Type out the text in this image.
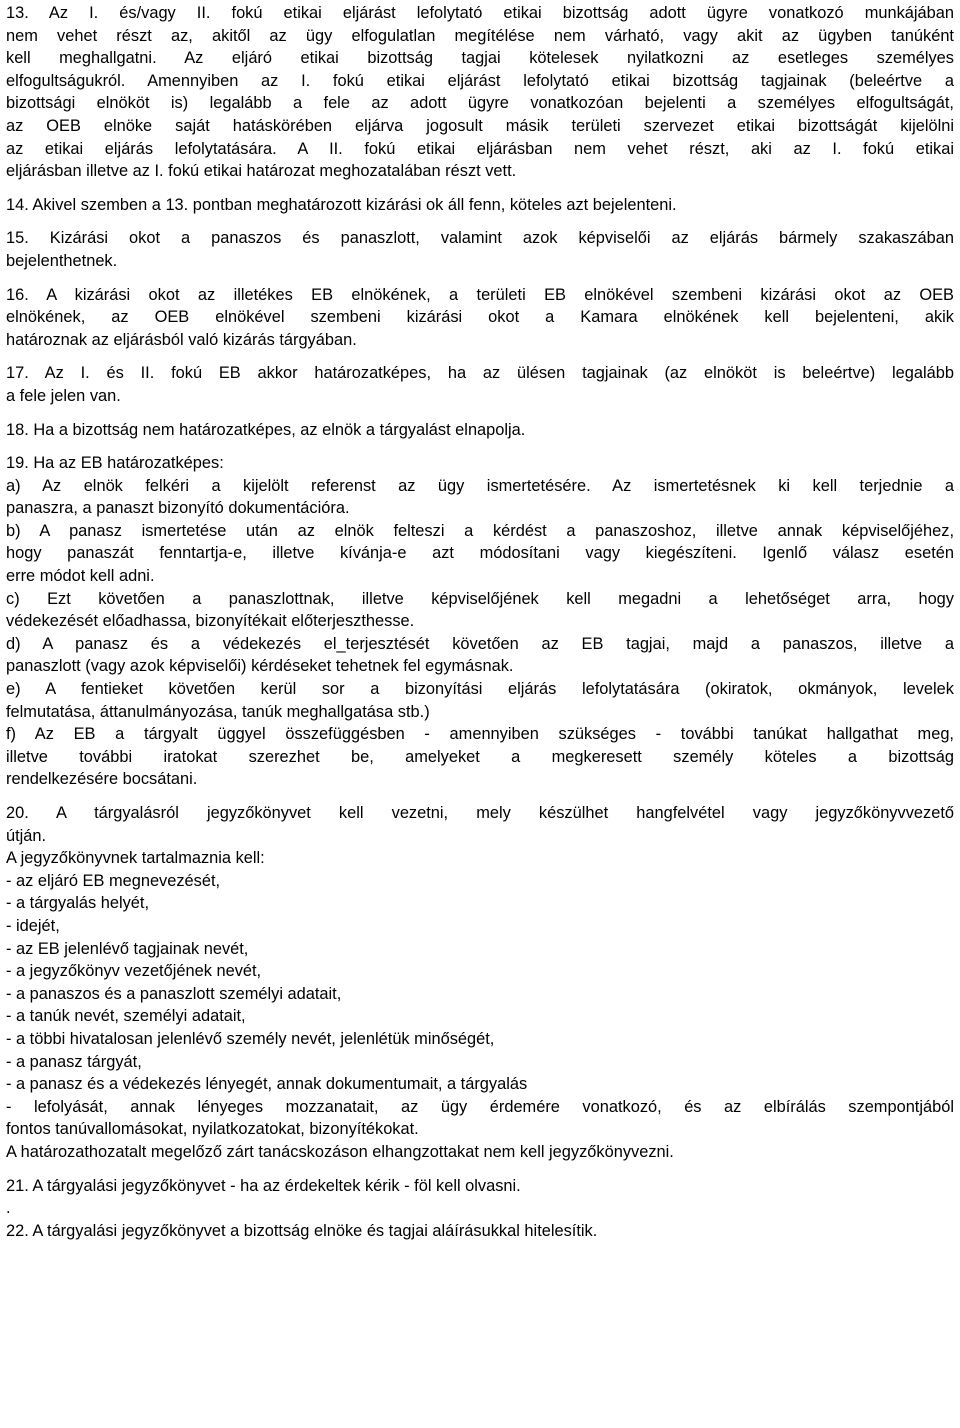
13. Az I. és/vagy II. fokú etikai eljárást lefolytató etikai bizottság adott ügyre vonatkozó munkájában
nem vehet részt az, akitől az ügy elfogulatlan megítélése nem várható, vagy akit az ügyben tanúként
kell meghallgatni. Az eljáró etikai bizottság tagjai kötelesek nyilatkozni az esetleges személyes
elfogultságukról. Amennyiben az I. fokú etikai eljárást lefolytató etikai bizottság tagjainak (beleértve a
bizottsági elnököt is) legalább a fele az adott ügyre vonatkozóan bejelenti a személyes elfogultságát,
az OEB elnöke saját hatáskörében eljárva jogosult másik területi szervezet etikai bizottságát kijelölni
az etikai eljárás lefolytatására. A II. fokú etikai eljárásban nem vehet részt, aki az I. fokú etikai
eljárásban illetve az I. fokú etikai határozat meghozatalában részt vett.
14. Akivel szemben a 13. pontban meghatározott kizárási ok áll fenn, köteles azt bejelenteni.
15. Kizárási okot a panaszos és panaszlott, valamint azok képviselői az eljárás bármely szakaszában
bejelenthetnek.
16. A kizárási okot az illetékes EB elnökének, a területi EB elnökével szembeni kizárási okot az OEB
elnökének, az OEB elnökével szembeni kizárási okot a Kamara elnökének kell bejelenteni, akik
határoznak az eljárásból való kizárás tárgyában.
17. Az I. és II. fokú EB akkor határozatképes, ha az ülésen tagjainak (az elnököt is beleértve) legalább
a fele jelen van.
18. Ha a bizottság nem határozatképes, az elnök a tárgyalást elnapolja.
19. Ha az EB határozatképes:
a) Az elnök felkéri a kijelölt referenst az ügy ismertetésére. Az ismertetésnek ki kell terjednie a
panaszra, a panaszt bizonyító dokumentációra.
b) A panasz ismertetése után az elnök felteszi a kérdést a panaszoshoz, illetve annak képviselőjéhez,
hogy panaszát fenntartja-e, illetve kívánja-e azt módosítani vagy kiegészíteni. Igenlő válasz esetén
erre módot kell adni.
c) Ezt követően a panaszlottnak, illetve képviselőjének kell megadni a lehetőséget arra, hogy
védekezését előadhassa, bizonyítékait előterjeszthesse.
d) A panasz és a védekezés el_terjesztését követően az EB tagjai, majd a panaszos, illetve a
panaszlott (vagy azok képviselői) kérdéseket tehetnek fel egymásnak.
e) A fentieket követően kerül sor a bizonyítási eljárás lefolytatására (okiratok, okmányok, levelek
felmutatása, áttanulmányozása, tanúk meghallgatása stb.)
f) Az EB a tárgyalt üggyel összefüggésben - amennyiben szükséges - további tanúkat hallgathat meg,
illetve további iratokat szerezhet be, amelyeket a megkeresett személy köteles a bizottság
rendelkezésére bocsátani.
20. A tárgyalásról jegyzőkönyvet kell vezetni, mely készülhet hangfelvétel vagy jegyzőkönyvvezető
útján.
A jegyzőkönyvnek tartalmaznia kell:
- az eljáró EB megnevezését,
- a tárgyalás helyét,
- idejét,
- az EB jelenlévő tagjainak nevét,
- a jegyzőkönyv vezetőjének nevét,
- a panaszos és a panaszlott személyi adatait,
- a tanúk nevét, személyi adatait,
- a többi hivatalosan jelenlévő személy nevét, jelenlétük minőségét,
- a panasz tárgyát,
- a panasz és a védekezés lényegét, annak dokumentumait, a tárgyalás
- lefolyását, annak lényeges mozzanatait, az ügy érdemére vonatkozó, és az elbírálás szempontjából
fontos tanúvallomásokat, nyilatkozatokat, bizonyítékokat.
A határozathozatalt megelőző zárt tanácskozáson elhangzottakat nem kell jegyzőkönyvezni.
21. A tárgyalási jegyzőkönyvet - ha az érdekeltek kérik - föl kell olvasni.
.
22. A tárgyalási jegyzőkönyvet a bizottság elnöke és tagjai aláírásukkal hitelesítik.
